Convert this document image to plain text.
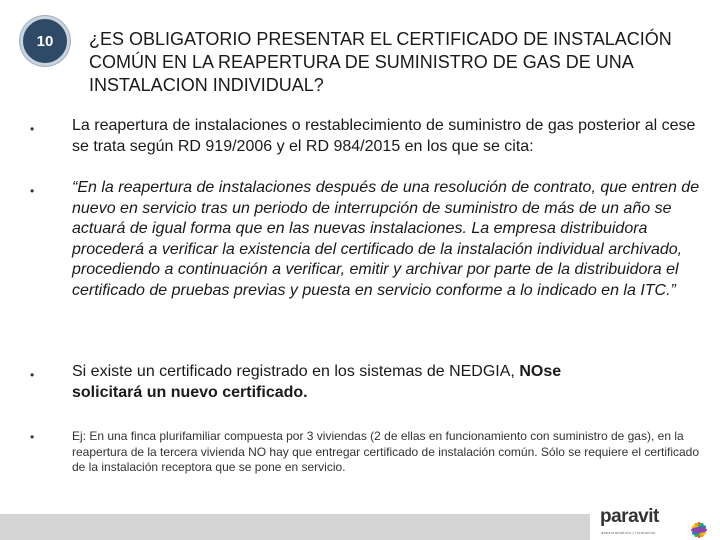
10 ¿ES OBLIGATORIO PRESENTAR EL CERTIFICADO DE INSTALACIÓN COMÚN EN LA REAPERTURA DE SUMINISTRO DE GAS DE UNA INSTALACION INDIVIDUAL?
•	La reapertura de instalaciones o restablecimiento de suministro de gas posterior al cese se trata según RD 919/2006 y el RD 984/2015 en los que se cita:
•	“En la reapertura de instalaciones después de una resolución de contrato, que entren de nuevo en servicio tras un periodo de interrupción de suministro de más de un año se actuará de igual forma que en las nuevas instalaciones. La empresa distribuidora procederá a verificar la existencia del certificado de la instalación individual archivado, procediendo a continuación a verificar, emitir y archivar por parte de la distribuidora el certificado de pruebas previas y puesta en servicio conforme a lo indicado en la ITC.”
•	Si existe un certificado registrado en los sistemas de NEDGIA, NOse
solicitará un nuevo certificado.
•	Ej: En una finca plurifamiliar compuesta por 3 viviendas (2 de ellas en funcionamiento con suministro de gas), en la reapertura de la tercera vivienda NO hay que entregar certificado de instalación común. Sólo se requiere el certificado de la instalación receptora que se pone en servicio.
paravit
asesoramiento | formación
